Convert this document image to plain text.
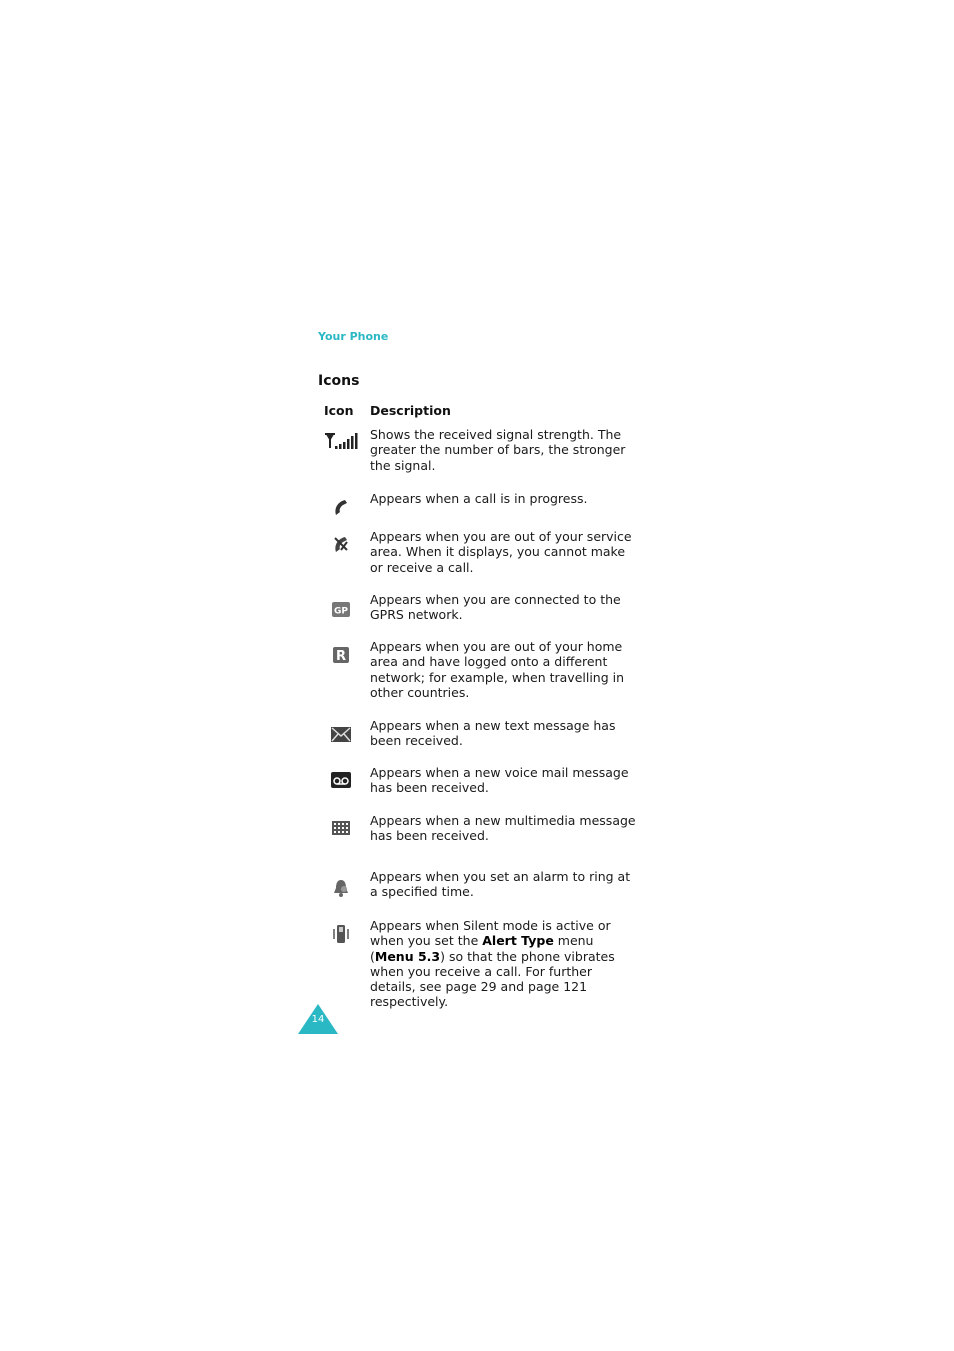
Your Phone
Icons
Icon Description
Shows the received signal strength. The greater the number of bars, the stronger the signal.
Appears when a call is in progress.
Appears when you are out of your service area. When it displays, you cannot make or receive a call.
GP
Appears when you are connected to the GPRS network.
R
Appears when you are out of your home area and have logged onto a different network; for example, when travelling in other countries.
Appears when a new text message has been received.
Appears when a new voice mail message has been received.
Appears when a new multimedia message has been received.
Appears when you set an alarm to ring at a specified time.
Appears when Silent mode is active or when you set the Alert Type menu (Menu 5.3) so that the phone vibrates when you receive a call. For further details, see page 29 and page 121 respectively.
14
